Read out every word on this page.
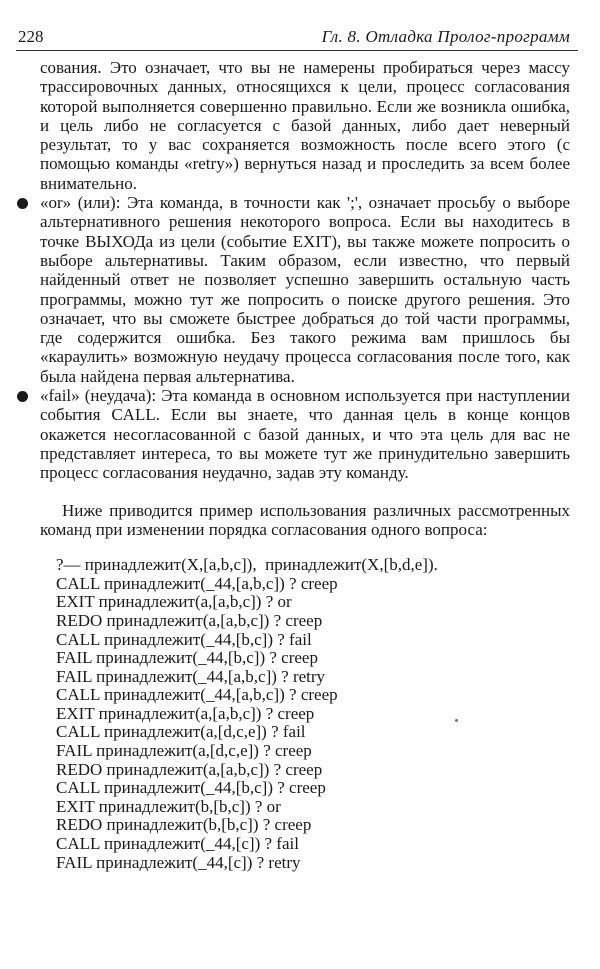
228	Гл. 8. Отладка Пролог-программ

сования. Это означает, что вы не намерены пробираться через массу трассировочных данных, относящихся к цели, процесс согласования которой выполняется совершенно правильно. Если же возникла ошибка, и цель либо не согласуется с базой данных, либо дает неверный результат, то у вас сохраняется возможность после всего этого (с помощью команды «retry») вернуться назад и проследить за всем более внимательно.

«or» (или): Эта команда, в точности как ';', означает просьбу о выборе альтернативного решения некоторого вопроса. Если вы находитесь в точке ВЫХОДа из цели (событие EXIT), вы также можете попросить о выборе альтернативы. Таким образом, если известно, что первый найденный ответ не позволяет успешно завершить остальную часть программы, можно тут же попросить о поиске другого решения. Это означает, что вы сможете быстрее добраться до той части программы, где содержится ошибка. Без такого режима вам пришлось бы «караулить» возможную неудачу процесса согласования после того, как была найдена первая альтернатива.

«fail» (неудача): Эта команда в основном используется при наступлении события CALL. Если вы знаете, что данная цель в конце концов окажется несогласованной с базой данных, и что эта цель для вас не представляет интереса, то вы можете тут же принудительно завершить процесс согласования неудачно, задав эту команду.

Ниже приводится пример использования различных рассмотренных команд при изменении порядка согласования одного вопроса:

?— принадлежит(X,[a,b,c]),  принадлежит(X,[b,d,e]).
CALL принадлежит(_44,[a,b,c]) ? creep
EXIT принадлежит(a,[a,b,c]) ? or
REDO принадлежит(a,[a,b,c]) ? creep
CALL принадлежит(_44,[b,c]) ? fail
FAIL принадлежит(_44,[b,c]) ? creep
FAIL принадлежит(_44,[a,b,c]) ? retry
CALL принадлежит(_44,[a,b,c]) ? creep
EXIT принадлежит(a,[a,b,c]) ? creep
CALL принадлежит(a,[d,c,e]) ? fail
FAIL принадлежит(a,[d,c,e]) ? creep
REDO принадлежит(a,[a,b,c]) ? creep
CALL принадлежит(_44,[b,c]) ? creep
EXIT принадлежит(b,[b,c]) ? or
REDO принадлежит(b,[b,c]) ? creep
CALL принадлежит(_44,[c]) ? fail
FAIL принадлежит(_44,[c]) ? retry
